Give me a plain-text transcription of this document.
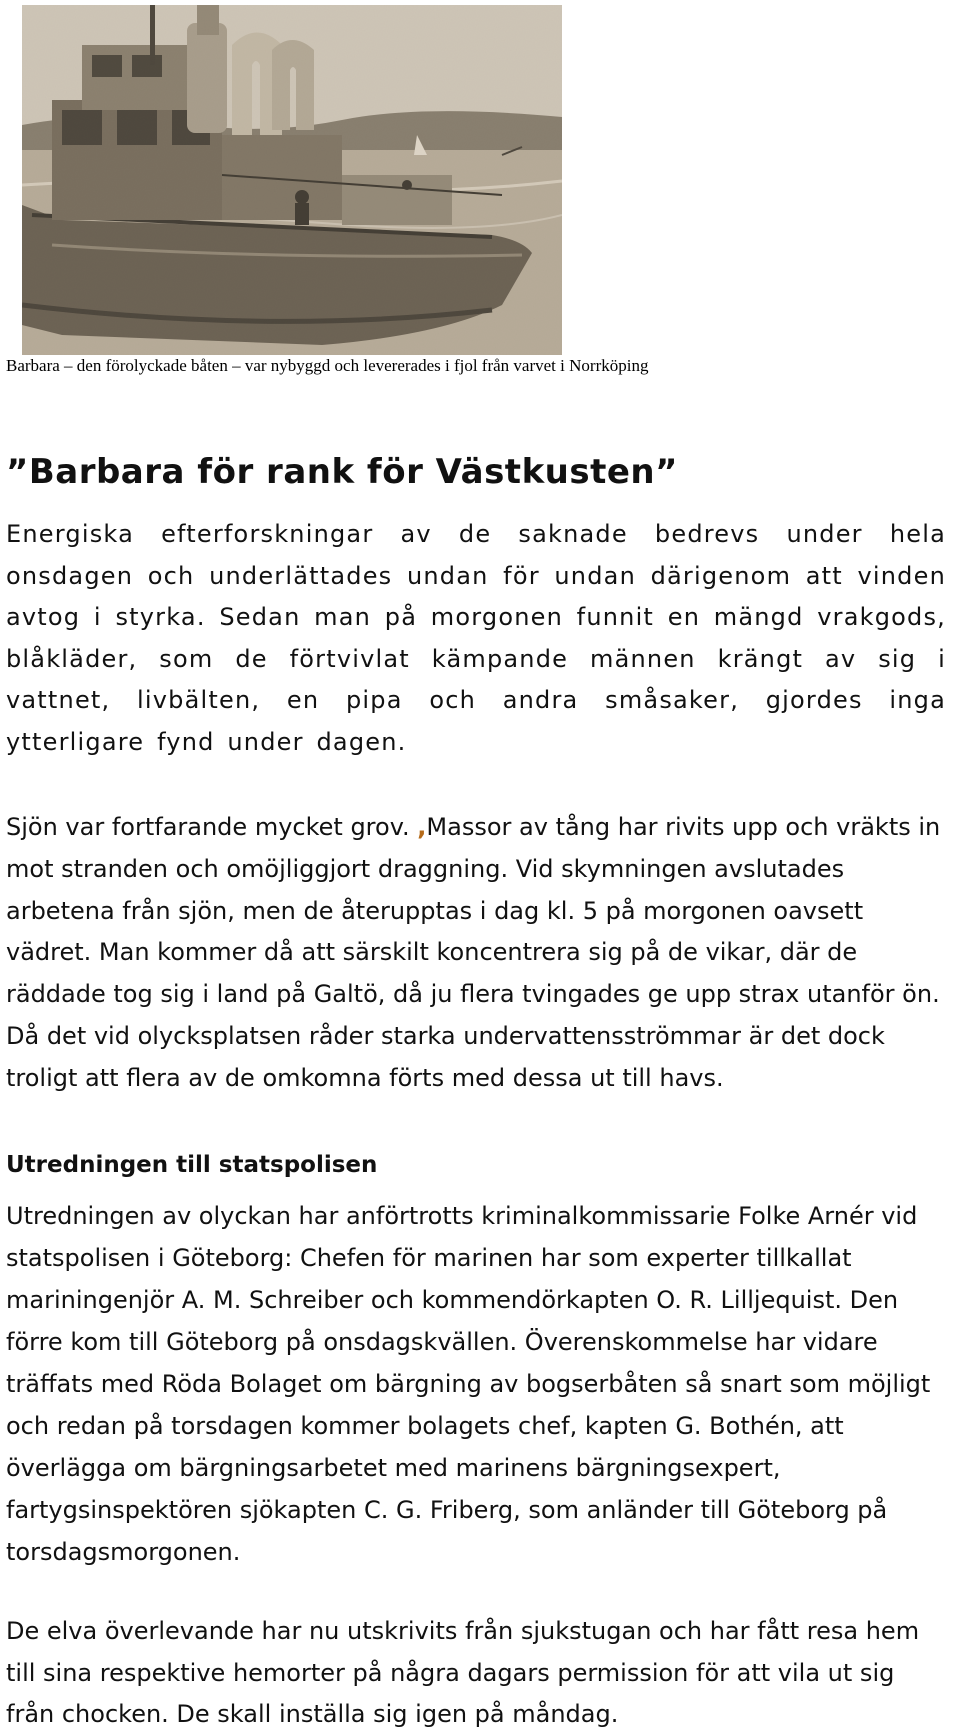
Barbara – den förolyckade båten – var nybyggd och levererades i fjol från varvet i Norrköping
”Barbara för rank för Västkusten”

Energiska efterforskningar av de saknade bedrevs under hela onsdagen och underlättades undan för undan därigenom att vinden avtog i styrka. Sedan man på morgonen funnit en mängd vrakgods, blåkläder, som de förtvivlat kämpande männen krängt av sig i vattnet, livbälten, en pipa och andra småsaker, gjordes inga ytterligare fynd under dagen.

Sjön var fortfarande mycket grov. ,Massor av tång har rivits upp och vräkts in mot stranden och omöjliggjort draggning. Vid skymningen avslutades arbetena från sjön, men de återupptas i dag kl. 5 på morgonen oavsett vädret. Man kommer då att särskilt koncentrera sig på de vikar, där de räddade tog sig i land på Galtö, då ju flera tvingades ge upp strax utanför ön. Då det vid olycksplatsen råder starka undervattensströmmar är det dock troligt att flera av de omkomna förts med dessa ut till havs.

Utredningen till statspolisen

Utredningen av olyckan har anförtrotts kriminalkommissarie Folke Arnér vid statspolisen i Göteborg: Chefen för marinen har som experter tillkallat mariningenjör A. M. Schreiber och kommendörkapten O. R. Lilljequist. Den förre kom till Göteborg på onsdagskvällen. Överenskommelse har vidare träffats med Röda Bolaget om bärgning av bogserbåten så snart som möjligt och redan på torsdagen kommer bolagets chef, kapten G. Bothén, att överlägga om bärgningsarbetet med marinens bärgningsexpert, fartygsinspektören sjökapten C. G. Friberg, som anländer till Göteborg på torsdagsmorgonen.

De elva överlevande har nu utskrivits från sjukstugan och har fått resa hem till sina respektive hemorter på några dagars permission för att vila ut sig från chocken. De skall inställa sig igen på måndag.
